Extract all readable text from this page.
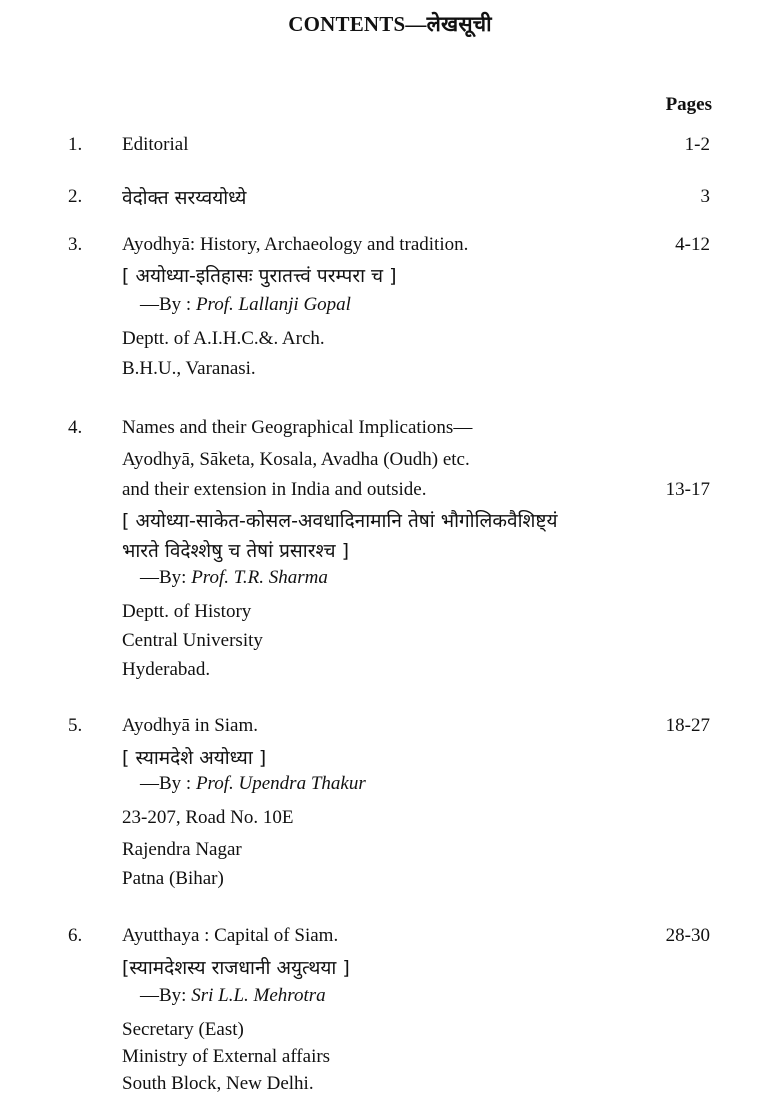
CONTENTS—लेखसूची
Pages
1. Editorial	1-2
2. वेदोक्त सरय्वयोध्ये	3
3. Ayodhyā: History, Archaeology and tradition.	4-12
[ अयोध्या-इतिहासः पुरातत्त्वं परम्परा च ]
—By : Prof. Lallanji Gopal
Deptt. of A.I.H.C.&. Arch.
B.H.U., Varanasi.
4. Names and their Geographical Implications—
Ayodhyā, Sāketa, Kosala, Avadha (Oudh) etc.
and their extension in India and outside.	13-17
[ अयोध्या-साकेत-कोसल-अवधादिनामानि तेषां भौगोलिकवैशिष्ट्यं
भारते विदेश्शेषु च तेषां प्रसारश्च ]
—By: Prof. T.R. Sharma
Deptt. of History
Central University
Hyderabad.
5. Ayodhyā in Siam.	18-27
[ स्यामदेशे अयोध्या ]
—By : Prof. Upendra Thakur
23-207, Road No. 10E
Rajendra Nagar
Patna (Bihar)
6. Ayutthaya : Capital of Siam.	28-30
[स्यामदेशस्य राजधानी अयुत्थया ]
—By: Sri L.L. Mehrotra
Secretary (East)
Ministry of External affairs
South Block, New Delhi.
